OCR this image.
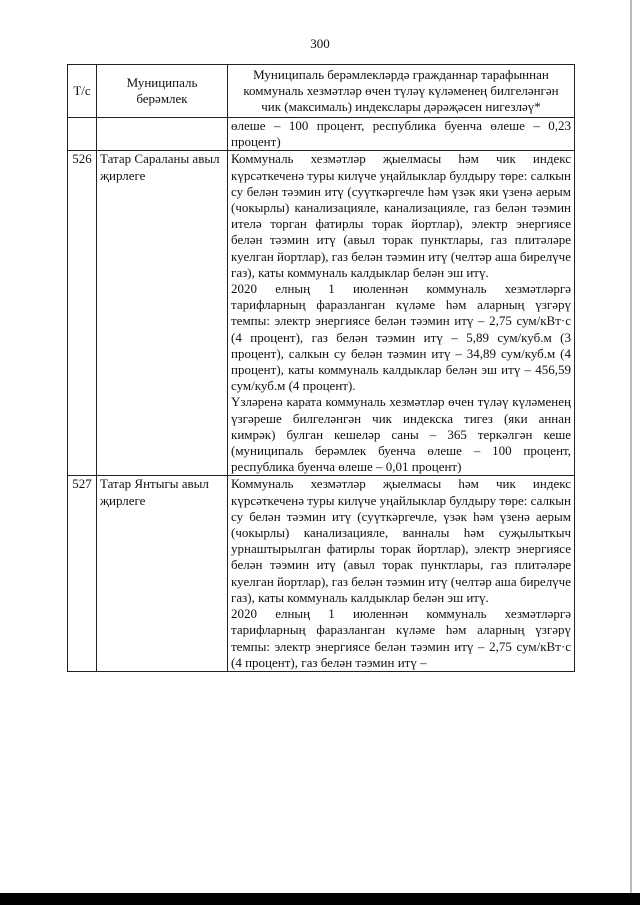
300
Т/с	Муниципаль берәмлек	Муниципаль берәмлекләрдә гражданнар тарафыннан коммуналь хезмәтләр өчен түләү күләменең билгеләнгән чик (максималь) индекслары дәрәҗәсен нигезләү*
		өлеше – 100 процент, республика буенча өлеше – 0,23 процент)
526	Татар Сараланы авыл җирлеге	Коммуналь хезмәтләр җыелмасы һәм чик индекс күрсәткеченә туры килүче уңайлыклар булдыру төре: салкын су белән тәэмин итү (суүткәргечле һәм үзәк яки үзенә аерым (чокырлы) канализацияле, канализацияле, газ белән тәэмин ителә торган фатирлы торак йортлар), электр энергиясе белән тәэмин итү (авыл торак пунктлары, газ плитәләре куелган йортлар), газ белән тәэмин итү (челтәр аша бирелүче газ), каты коммуналь калдыклар белән эш итү.
2020 елның 1 июленнән коммуналь хезмәтләргә тарифларның фаразланган күләме һәм аларның үзгәрү темпы: электр энергиясе белән тәэмин итү – 2,75 сум/кВт·с (4 процент), газ белән тәэмин итү – 5,89 сум/куб.м (3 процент), салкын су белән тәэмин итү – 34,89 сум/куб.м (4 процент), каты коммуналь калдыклар белән эш итү – 456,59 сум/куб.м (4 процент).
Үзләренә карата коммуналь хезмәтләр өчен түләү күләменең үзгәреше билгеләнгән чик индекска тигез (яки аннан кимрәк) булган кешеләр саны – 365 теркәлгән кеше (муниципаль берәмлек буенча өлеше – 100 процент, республика буенча өлеше – 0,01 процент)

527	Татар Янтыгы авыл җирлеге	Коммуналь хезмәтләр җыелмасы һәм чик индекс күрсәткеченә туры килүче уңайлыклар булдыру төре: салкын су белән тәэмин итү (суүткәргечле, үзәк һәм үзенә аерым (чокырлы) канализацияле, ванналы һәм суҗылыткыч урнаштырылган фатирлы торак йортлар), электр энергиясе белән тәэмин итү (авыл торак пунктлары, газ плитәләре куелган йортлар), газ белән тәэмин итү (челтәр аша бирелүче газ), каты коммуналь калдыклар белән эш итү.
2020 елның 1 июленнән коммуналь хезмәтләргә тарифларның фаразланган күләме һәм аларның үзгәрү темпы: электр энергиясе белән тәэмин итү – 2,75 сум/кВт·с (4 процент), газ белән тәэмин итү –
